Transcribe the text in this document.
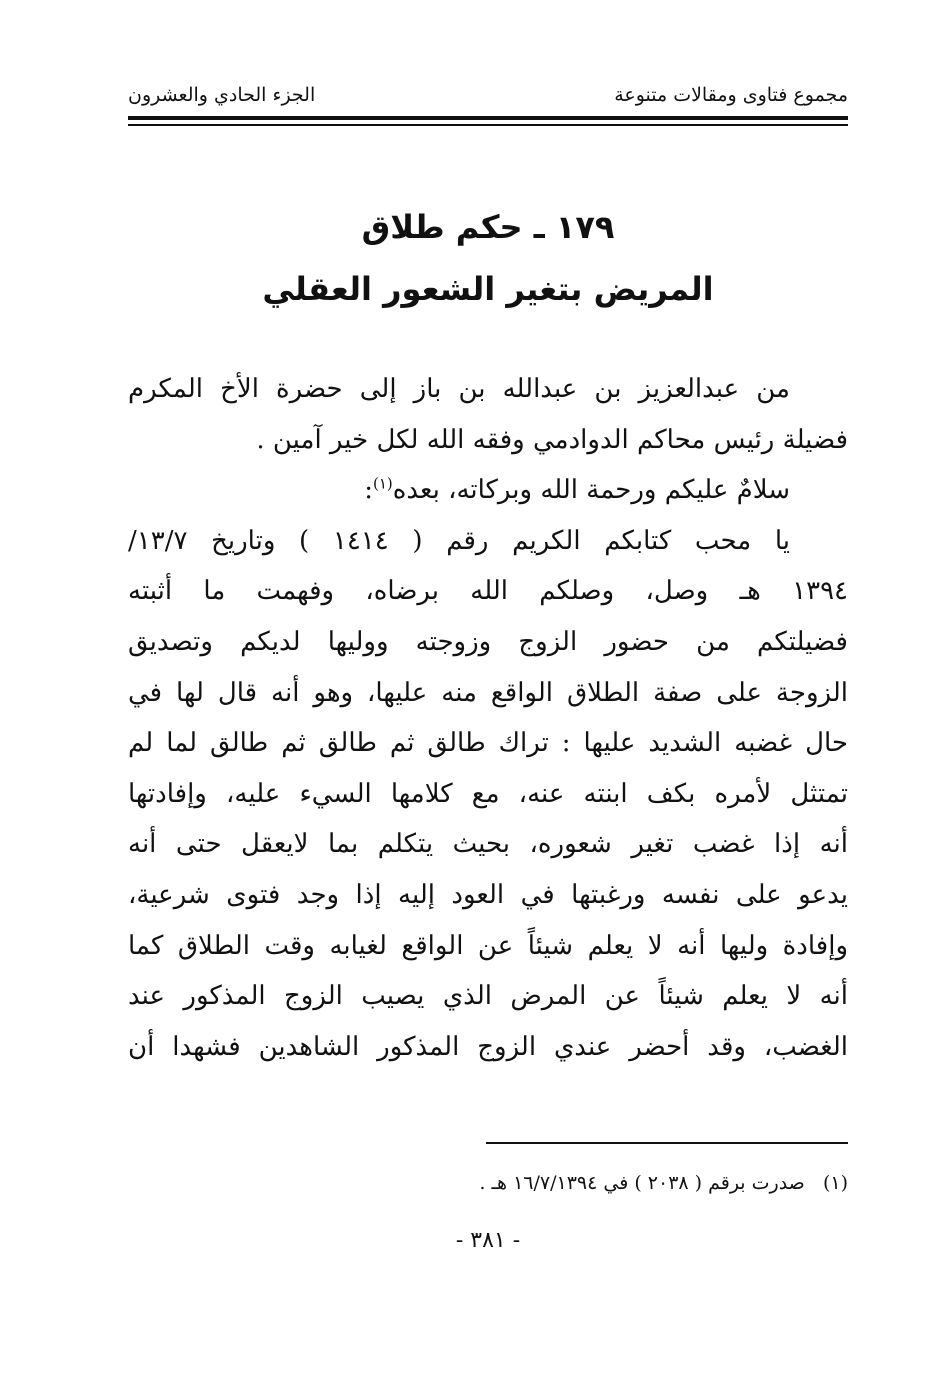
مجموع فتاوى ومقالات متنوعة
الجزء الحادي والعشرون
١٧٩ ـ حكم طلاق
المريض بتغير الشعور العقلي

من عبدالعزيز بن عبدالله بن باز إلى حضرة الأخ المكرم

فضيلة رئيس محاكم الدوادمي وفقه الله لكل خير آمين .

سلامٌ عليكم ورحمة الله وبركاته، بعده$^{(١)}$:

يا محب كتابكم الكريم رقم ( ١٤١٤ ) وتاريخ ١٣/٧/

١٣٩٤ هـ وصل، وصلكم الله برضاه، وفهمت ما أثبته

فضيلتكم من حضور الزوج وزوجته ووليها لديكم وتصديق

الزوجة على صفة الطلاق الواقع منه عليها، وهو أنه قال لها في

حال غضبه الشديد عليها : تراك طالق ثم طالق ثم طالق لما لم

تمتثل لأمره بكف ابنته عنه، مع كلامها السيء عليه، وإفادتها

أنه إذا غضب تغير شعوره، بحيث يتكلم بما لايعقل حتى أنه

يدعو على نفسه ورغبتها في العود إليه إذا وجد فتوى شرعية،

وإفادة وليها أنه لا يعلم شيئاً عن الواقع لغيابه وقت الطلاق كما

أنه لا يعلم شيئاً عن المرض الذي يصيب الزوج المذكور عند

الغضب، وقد أحضر عندي الزوج المذكور الشاهدين فشهدا أن

(١)   صدرت برقم ( ٢٠٣٨ ) في ١٦/٧/١٣٩٤ هـ .
- ٣٨١ -
